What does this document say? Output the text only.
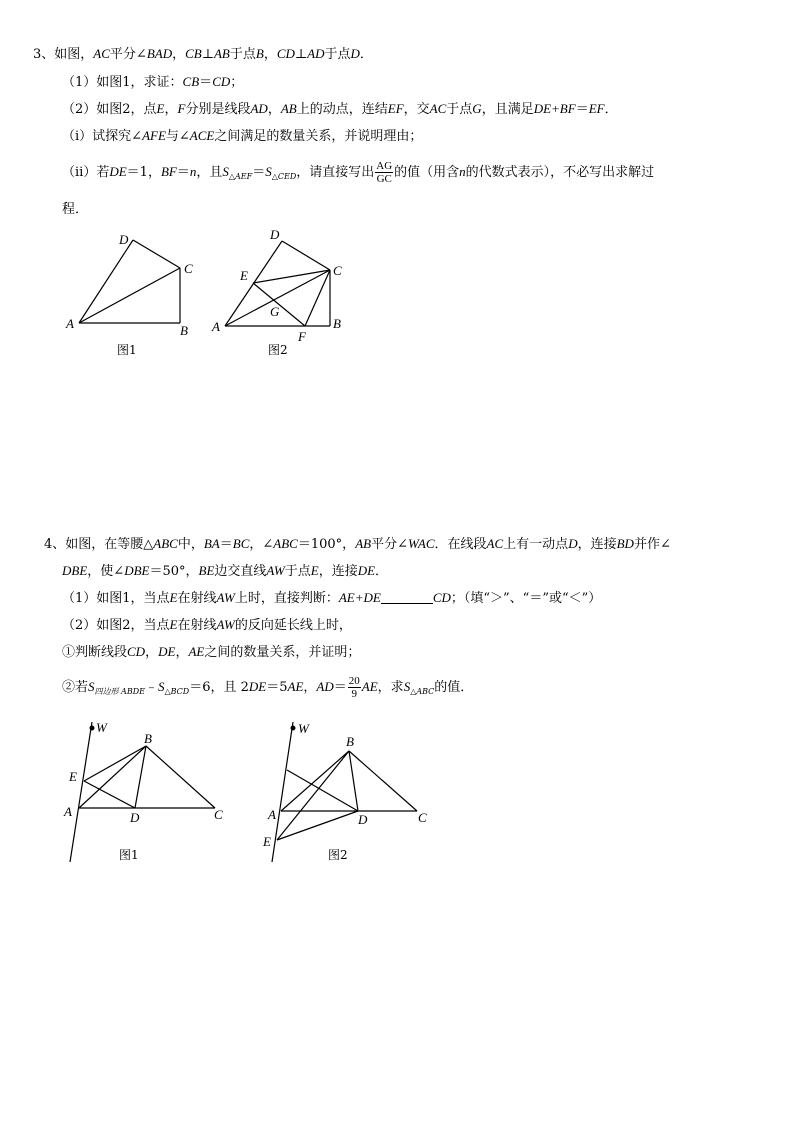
3、如图，AC平分∠BAD，CB⊥AB于点B，CD⊥AD于点D．
（1）如图1，求证：CB＝CD；
（2）如图2，点E，F分别是线段AD，AB上的动点，连结EF，交AC于点G，且满足DE+BF＝EF．
（ⅰ）试探究∠AFE与∠ACE之间满足的数量关系，并说明理由；
（ⅱ）若DE＝1，BF＝n，且$S_{\triangle AEF}=S_{\triangle CED}$，请直接写出 $\frac{AG}{GC}$ 的值（用含n的代数式表示），不必写出求解过
程．
D
C
A	B
图1
D
C
E
G
A	B
F
图2
W
B
E
A	D	C
图1
W
B
A	D	C
E
图2
4、如图，在等腰△ABC中，BA＝BC，∠ABC＝100°，AB平分∠WAC．在线段AC上有一动点D，连接BD并作∠
DBE，使∠DBE＝50°，BE边交直线AW于点E，连接DE．
（1）如图1，当点E在射线AW上时，直接判断：AE+DE	CD；（填“＞”、“＝”或“＜”）
（2）如图2，当点E在射线AW的反向延长线上时，
①判断线段CD，DE，AE之间的数量关系，并证明；
②若$S_{四边形 ABDE}﹣S_{\triangle BCD}=6$，且 2DE＝5AE，$AD= \frac{20}{9}$ AE，求$S_{\triangle ABC}$的值．
